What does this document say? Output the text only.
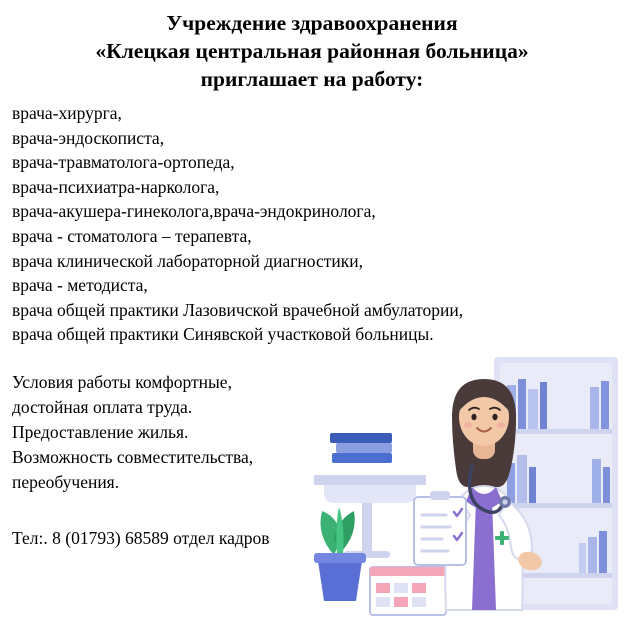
Учреждение здравоохранения
«Клецкая центральная районная больница»
приглашает на работу:
врача-хирурга,
врача-эндоскописта,
врача-травматолога-ортопеда,
врача-психиатра-нарколога,
врача-акушера-гинеколога,врача-эндокринолога,
врача - стоматолога – терапевта,
врача клинической лабораторной диагностики,
врача - методиста,
врача общей практики Лазовичской врачебной амбулатории,
врача общей практики Синявской участковой больницы.
Условия работы комфортные,
достойная оплата труда.
Предоставление жилья.
Возможность совместительства,
переобучения.
Тел:. 8 (01793) 68589 отдел кадров
